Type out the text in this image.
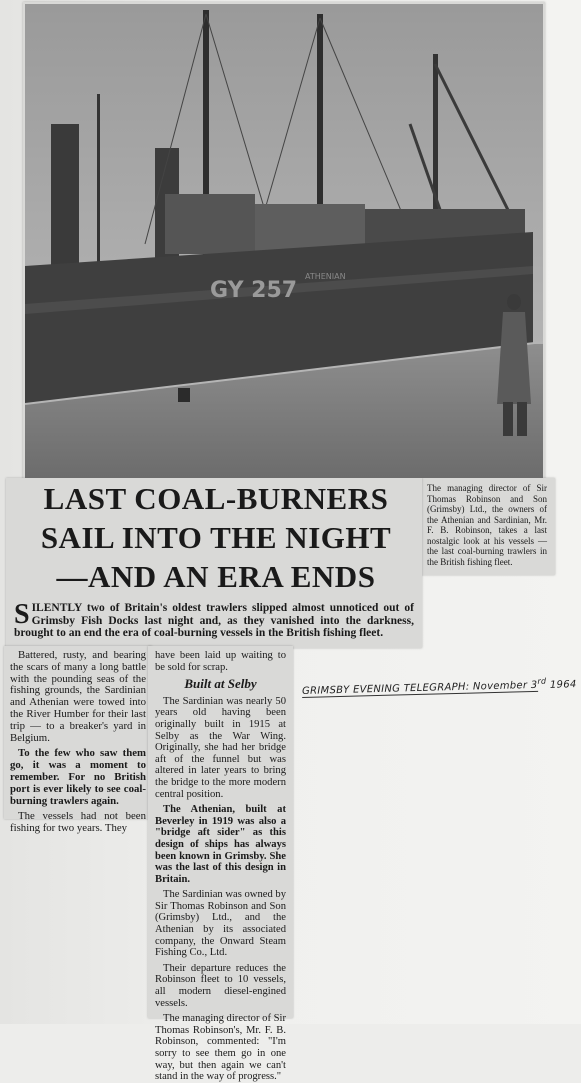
GY 257
ATHENIAN
The managing director of Sir Thomas Robinson and Son (Grimsby) Ltd., the owners of the Athenian and Sardinian, Mr. F. B. Robinson, takes a last nostalgic look at his vessels — the last coal-burning trawlers in the British fishing fleet.
LAST COAL-BURNERS
SAIL INTO THE NIGHT
—AND AN ERA ENDS
SILENTLY two of Britain's oldest trawlers slipped almost unnoticed out of Grimsby Fish Docks last night and, as they vanished into the darkness, brought to an end the era of coal-burning vessels in the British fishing fleet.

Battered, rusty, and bearing the scars of many a long battle with the pounding seas of the fishing grounds, the Sardinian and Athenian were towed into the River Humber for their last trip — to a breaker's yard in Belgium.

To the few who saw them go, it was a moment to remember. For no British port is ever likely to see coal-burning trawlers again.

The vessels had not been fishing for two years. They

have been laid up waiting to be sold for scrap.

Built at Selby

The Sardinian was nearly 50 years old having been originally built in 1915 at Selby as the War Wing. Originally, she had her bridge aft of the funnel but was altered in later years to bring the bridge to the more modern central position.

The Athenian, built at Beverley in 1919 was also a "bridge aft sider" as this design of ships has always been known in Grimsby. She was the last of this design in Britain.

The Sardinian was owned by Sir Thomas Robinson and Son (Grimsby) Ltd., and the Athenian by its associated company, the Onward Steam Fishing Co., Ltd.

Their departure reduces the Robinson fleet to 10 vessels, all modern diesel-engined vessels.

The managing director of Sir Thomas Robinson's, Mr. F. B. Robinson, commented: "I'm sorry to see them go in one way, but then again we can't stand in the way of progress."

GRIMSBY EVENING TELEGRAPH: November 3rd 1964
